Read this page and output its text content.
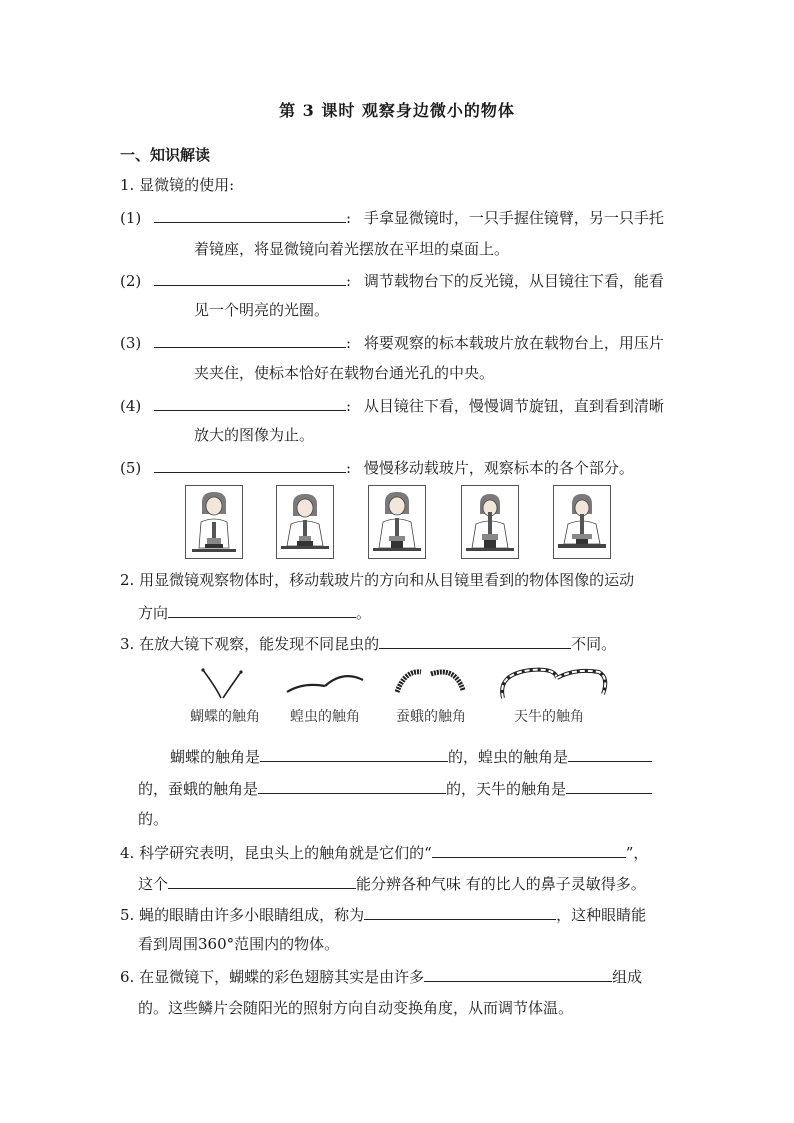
第 3 课时 观察身边微小的物体
一、知识解读
1. 显微镜的使用:
(1)	: 手拿显微镜时，一只手握住镜臂，另一只手托
着镜座，将显微镜向着光摆放在平坦的桌面上。
(2)	: 调节载物台下的反光镜，从目镜往下看，能看
见一个明亮的光圈。
(3)	: 将要观察的标本载玻片放在载物台上，用压片
夹夹住，使标本恰好在载物台通光孔的中央。
(4)	: 从目镜往下看，慢慢调节旋钮，直到看到清晰
放大的图像为止。
(5)	: 慢慢移动载玻片，观察标本的各个部分。
2. 用显微镜观察物体时，移动载玻片的方向和从目镜里看到的物体图像的运动
方向	。
3. 在放大镜下观察，能发现不同昆虫的	不同。
蝴蝶的触角 蝗虫的触角	蚕蛾的触角	天牛的触角
蝴蝶的触角是	的，蝗虫的触角是
的，蚕蛾的触角是	的，天牛的触角是
的。
4. 科学研究表明，昆虫头上的触角就是它们的“	”，
这个	能分辨各种气味 有的比人的鼻子灵敏得多。
5. 蝇的眼睛由许多小眼睛组成，称为	，这种眼睛能
看到周围360°范围内的物体。
6. 在显微镜下，蝴蝶的彩色翅膀其实是由许多	组成
的。这些鳞片会随阳光的照射方向自动变换角度，从而调节体温。
